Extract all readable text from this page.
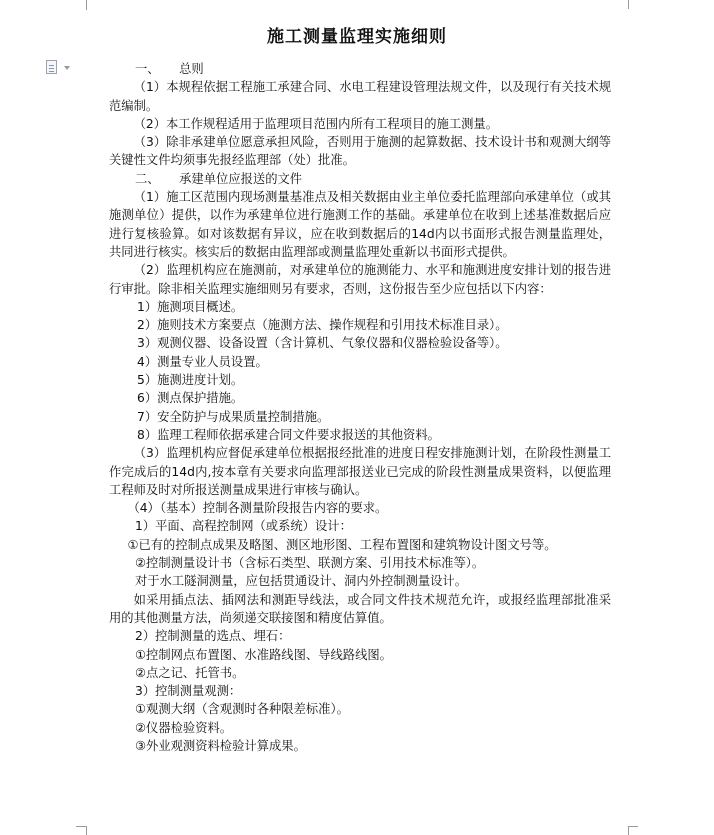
施工测量监理实施细则

一、     总则

（1）本规程依据工程施工承建合同、水电工程建设管理法规文件，以及现行有关技术规范编制。

（2）本工作规程适用于监理项目范围内所有工程项目的施工测量。

（3）除非承建单位愿意承担风险，否则用于施测的起算数据、技术设计书和观测大纲等关键性文件均须事先报经监理部（处）批准。

二、     承建单位应报送的文件

（1）施工区范围内现场测量基准点及相关数据由业主单位委托监理部向承建单位（或其施测单位）提供，以作为承建单位进行施测工作的基础。承建单位在收到上述基准数据后应进行复核验算。如对该数据有异议，应在收到数据后的14d内以书面形式报告测量监理处，共同进行核实。核实后的数据由监理部或测量监理处重新以书面形式提供。

（2）监理机构应在施测前，对承建单位的施测能力、水平和施测进度安排计划的报告进行审批。除非相关监理实施细则另有要求，否则，这份报告至少应包括以下内容：

1）施测项目概述。

2）施则技术方案要点（施测方法、操作规程和引用技术标准目录）。

3）观测仪器、设备设置（含计算机、气象仪器和仪器检验设备等）。

4）测量专业人员设置。

5）施测进度计划。

6）测点保护措施。

7）安全防护与成果质量控制措施。

8）监理工程师依据承建合同文件要求报送的其他资料。

（3）监理机构应督促承建单位根据报经批准的进度日程安排施测计划，在阶段性测量工作完成后的14d内,按本章有关要求向监理部报送业已完成的阶段性测量成果资料，以便监理工程师及时对所报送测量成果进行审核与确认。

（4）（基本）控制各测量阶段报告内容的要求。

1）平面、高程控制网（或系统）设计：

①已有的控制点成果及略图、测区地形图、工程布置图和建筑物设计图文号等。

②控制测量设计书（含标石类型、联测方案、引用技术标准等）。

对于水工隧洞测量，应包括贯通设计、洞内外控制测量设计。

如采用插点法、插网法和测距导线法，或合同文件技术规范允许，或报经监理部批准采用的其他测量方法，尚须递交联接图和精度估算值。

2）控制测量的选点、埋石：

①控制网点布置图、水准路线图、导线路线图。

②点之记、托管书。

3）控制测量观测：

①观测大纲（含观测时各种限差标准）。

②仪器检验资料。

③外业观测资料检验计算成果。
